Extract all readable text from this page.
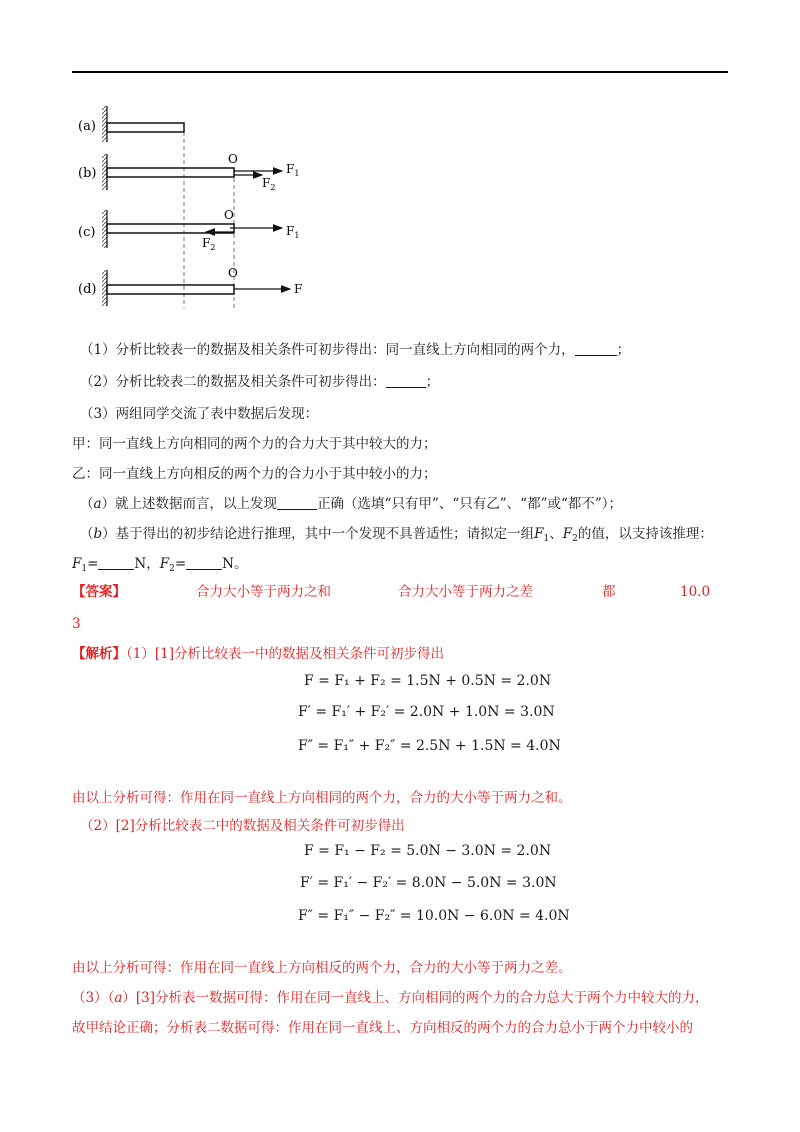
(a)
(b)
O
$F_1$
$F_2$
(c)
O
$F_1$
$F_2$
(d)
O
F
（1）分析比较表一的数据及相关条件可初步得出：同一直线上方向相同的两个力，	；
（2）分析比较表二的数据及相关条件可初步得出：	；
（3）两组同学交流了表中数据后发现：
甲：同一直线上方向相同的两个力的合力大于其中较大的力；
乙：同一直线上方向相反的两个力的合力小于其中较小的力；
（a）就上述数据而言，以上发现	正确（选填“只有甲”、“只有乙”、“都”或“都不”）；
（b）基于得出的初步结论进行推理，其中一个发现不具普适性；请拟定一组$F_1$、$F_2$的值，以支持该推理：
$F_1=$	N，$F_2=$	N。
【答案】	合力大小等于两力之和	合力大小等于两力之差	都	10.0
3
【解析】（1）[1]分析比较表一中的数据及相关条件可初步得出
F = F₁ + F₂ = 1.5N + 0.5N = 2.0N
F′ = F₁′ + F₂′ = 2.0N + 1.0N = 3.0N
F″ = F₁″ + F₂″ = 2.5N + 1.5N = 4.0N
由以上分析可得：作用在同一直线上方向相同的两个力，合力的大小等于两力之和。
（2）[2]分析比较表二中的数据及相关条件可初步得出
F = F₁ − F₂ = 5.0N − 3.0N = 2.0N
F′ = F₁′ − F₂′ = 8.0N − 5.0N = 3.0N
F″ = F₁″ − F₂″ = 10.0N − 6.0N = 4.0N
由以上分析可得：作用在同一直线上方向相反的两个力，合力的大小等于两力之差。
（3）（a）[3]分析表一数据可得：作用在同一直线上、方向相同的两个力的合力总大于两个力中较大的力，
故甲结论正确；分析表二数据可得：作用在同一直线上、方向相反的两个力的合力总小于两个力中较小的
